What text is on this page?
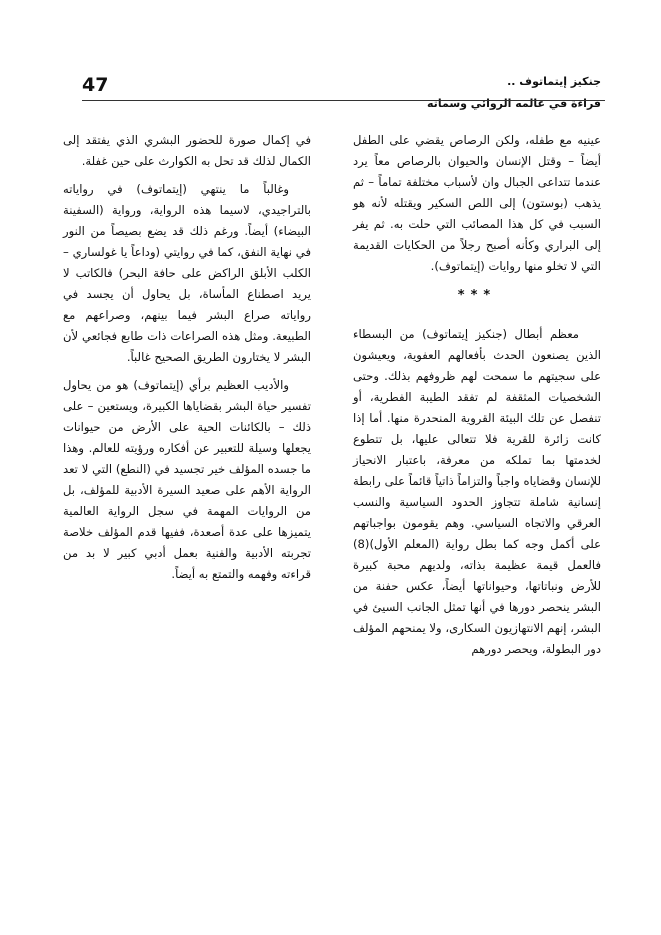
جنكيز إيتماتوف ..
قراءة في عالمه الروائي وسماته
47

عينيه مع طفله، ولكن الرصاص يقضي على الطفل أيضاً – وقتل الإنسان والحيوان بالرصاص معاً يرد عندما تتداعى الجبال وان لأسباب مختلفة تماماً – ثم يذهب (بوستون) إلى اللص السكير ويقتله لأنه هو السبب في كل هذا المصائب التي حلت به. ثم يفر إلى البراري وكأنه أصبح رجلاً من الحكايات القديمة التي لا تخلو منها روايات (إيتماتوف).

***

معظم أبطال (جنكيز إيتماتوف) من البسطاء الذين يصنعون الحدث بأفعالهم العفوية، ويعيشون على سجيتهم ما سمحت لهم ظروفهم بذلك. وحتى الشخصيات المثقفة لم تفقد الطيبة الفطرية، أو تنفصل عن تلك البيئة القروية المنحدرة منها. أما إذا كانت زائرة للقرية فلا تتعالى عليها، بل تتطوع لخدمتها بما تملكه من معرفة، باعتبار الانحياز للإنسان وقضاياه واجباً والتزاماً ذاتياً قائماً على رابطة إنسانية شاملة تتجاوز الحدود السياسية والنسب العرقي والاتجاه السياسي. وهم يقومون بواجباتهم على أكمل وجه كما بطل رواية (المعلم الأول)(8) فالعمل قيمة عظيمة بذاته، ولديهم محبة كبيرة للأرض ونباتاتها، وحيواناتها أيضاً، عكس حفنة من البشر ينحصر دورها في أنها تمثل الجانب السيئ في البشر، إنهم الانتهازيون السكارى، ولا يمنحهم المؤلف دور البطولة، ويحصر دورهم

في إكمال صورة للحضور البشري الذي يفتقد إلى الكمال لذلك قد تحل به الكوارث على حين غفلة.

وغالباً ما ينتهي (إيتماتوف) في رواياته بالتراجيدي، لاسيما هذه الرواية، ورواية (السفينة البيضاء) أيضاً. ورغم ذلك قد يضع بصيصاً من النور في نهاية النفق، كما في روايتي (وداعاً يا غولساري – الكلب الأبلق الراكض على حافة البحر) فالكاتب لا يريد اصطناع المأساة، بل يحاول أن يجسد في رواياته صراع البشر فيما بينهم، وصراعهم مع الطبيعة. ومثل هذه الصراعات ذات طابع فجائعي لأن البشر لا يختارون الطريق الصحيح غالباً.

والأديب العظيم برأي (إيتماتوف) هو من يحاول تفسير حياة البشر بقضاياها الكبيرة، ويستعين – على ذلك – بالكائنات الحية على الأرض من حيوانات يجعلها وسيلة للتعبير عن أفكاره ورؤيته للعالم. وهذا ما جسده المؤلف خير تجسيد في (النطع) التي لا تعد الرواية الأهم على صعيد السيرة الأدبية للمؤلف، بل من الروايات المهمة في سجل الرواية العالمية يتميزها على عدة أصعدة، ففيها قدم المؤلف خلاصة تجربته الأدبية والفنية بعمل أدبي كبير لا بد من قراءته وفهمه والتمتع به أيضاً.
